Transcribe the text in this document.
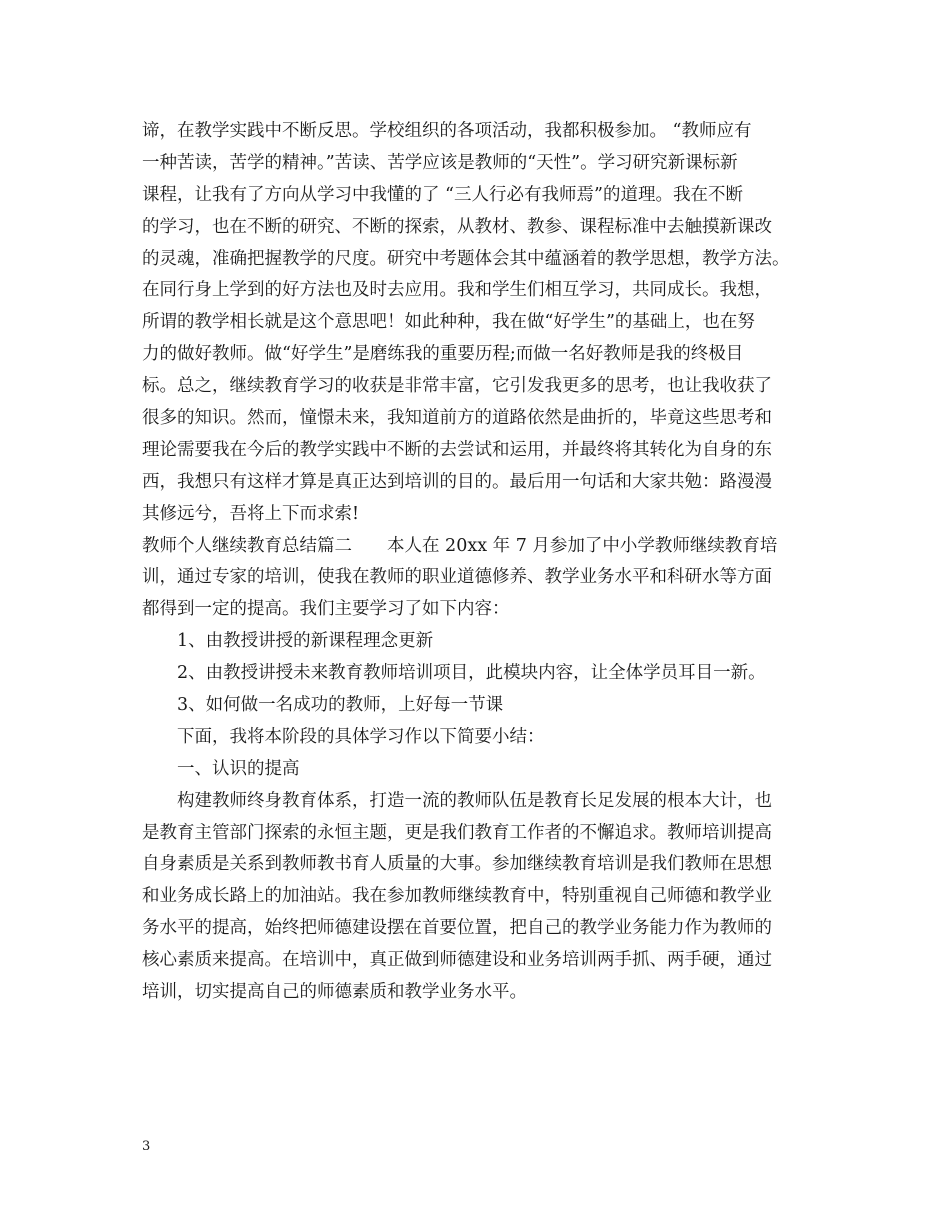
谛，在教学实践中不断反思。学校组织的各项活动，我都积极参加。 “教师应有
一种苦读，苦学的精神。”苦读、苦学应该是教师的“天性”。学习研究新课标新
课程，让我有了方向从学习中我懂的了 “三人行必有我师焉”的道理。我在不断
的学习，也在不断的研究、不断的探索，从教材、教参、课程标准中去触摸新课改
的灵魂，准确把握教学的尺度。研究中考题体会其中蕴涵着的教学思想，教学方法。
在同行身上学到的好方法也及时去应用。我和学生们相互学习，共同成长。我想，
所谓的教学相长就是这个意思吧！如此种种，我在做“好学生”的基础上，也在努
力的做好教师。做“好学生”是磨练我的重要历程;而做一名好教师是我的终极目
标。总之，继续教育学习的收获是非常丰富，它引发我更多的思考，也让我收获了
很多的知识。然而，憧憬未来，我知道前方的道路依然是曲折的，毕竟这些思考和
理论需要我在今后的教学实践中不断的去尝试和运用，并最终将其转化为自身的东
西，我想只有这样才算是真正达到培训的目的。最后用一句话和大家共勉：路漫漫
其修远兮，吾将上下而求索!
教师个人继续教育总结篇二　　本人在 20xx 年 7 月参加了中小学教师继续教育培
训，通过专家的培训，使我在教师的职业道德修养、教学业务水平和科研水等方面
都得到一定的提高。我们主要学习了如下内容：
1、由教授讲授的新课程理念更新
2、由教授讲授未来教育教师培训项目，此模块内容，让全体学员耳目一新。
3、如何做一名成功的教师，上好每一节课
下面，我将本阶段的具体学习作以下简要小结：
一、认识的提高
构建教师终身教育体系，打造一流的教师队伍是教育长足发展的根本大计，也
是教育主管部门探索的永恒主题，更是我们教育工作者的不懈追求。教师培训提高
自身素质是关系到教师教书育人质量的大事。参加继续教育培训是我们教师在思想
和业务成长路上的加油站。我在参加教师继续教育中，特别重视自己师德和教学业
务水平的提高，始终把师德建设摆在首要位置，把自己的教学业务能力作为教师的
核心素质来提高。在培训中，真正做到师德建设和业务培训两手抓、两手硬，通过
培训，切实提高自己的师德素质和教学业务水平。
3
